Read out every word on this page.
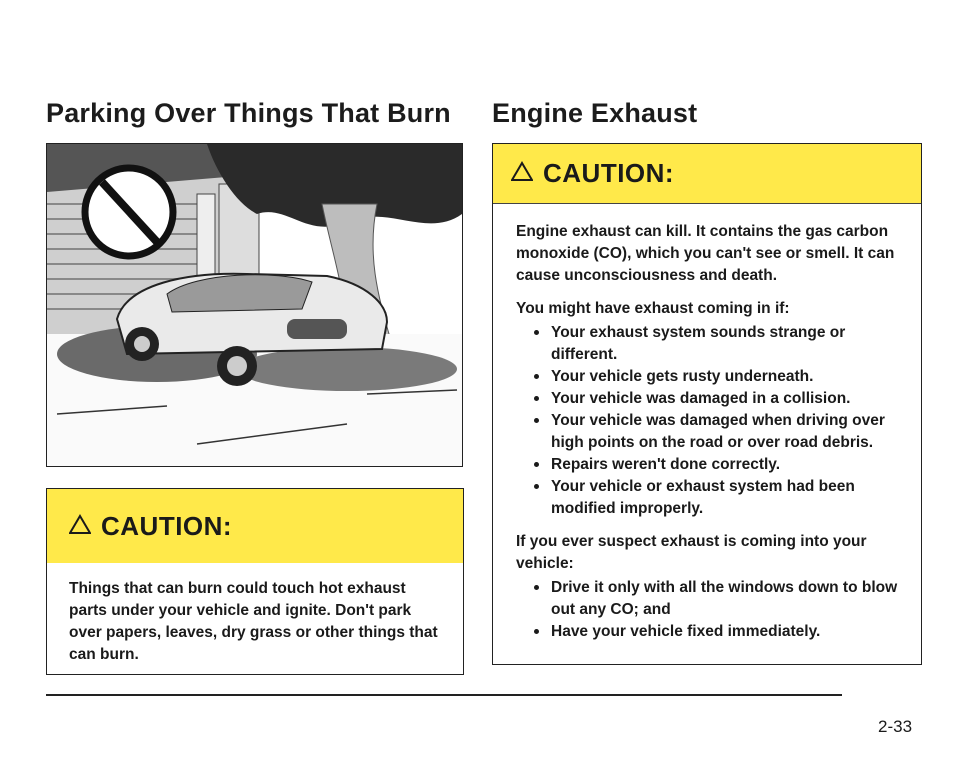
Parking Over Things That Burn Engine Exhaust
CAUTION:
Things that can burn could touch hot exhaust parts under your vehicle and ignite. Don't park over papers, leaves, dry grass or other things that can burn.
CAUTION:

Engine exhaust can kill. It contains the gas carbon monoxide (CO), which you can't see or smell. It can cause unconsciousness and death.

You might have exhaust coming in if:

Your exhaust system sounds strange or different.
Your vehicle gets rusty underneath.
Your vehicle was damaged in a collision.
Your vehicle was damaged when driving over high points on the road or over road debris.
Repairs weren't done correctly.
Your vehicle or exhaust system had been modified improperly.

If you ever suspect exhaust is coming into your vehicle:

Drive it only with all the windows down to blow out any CO; and
Have your vehicle fixed immediately.
2-33
